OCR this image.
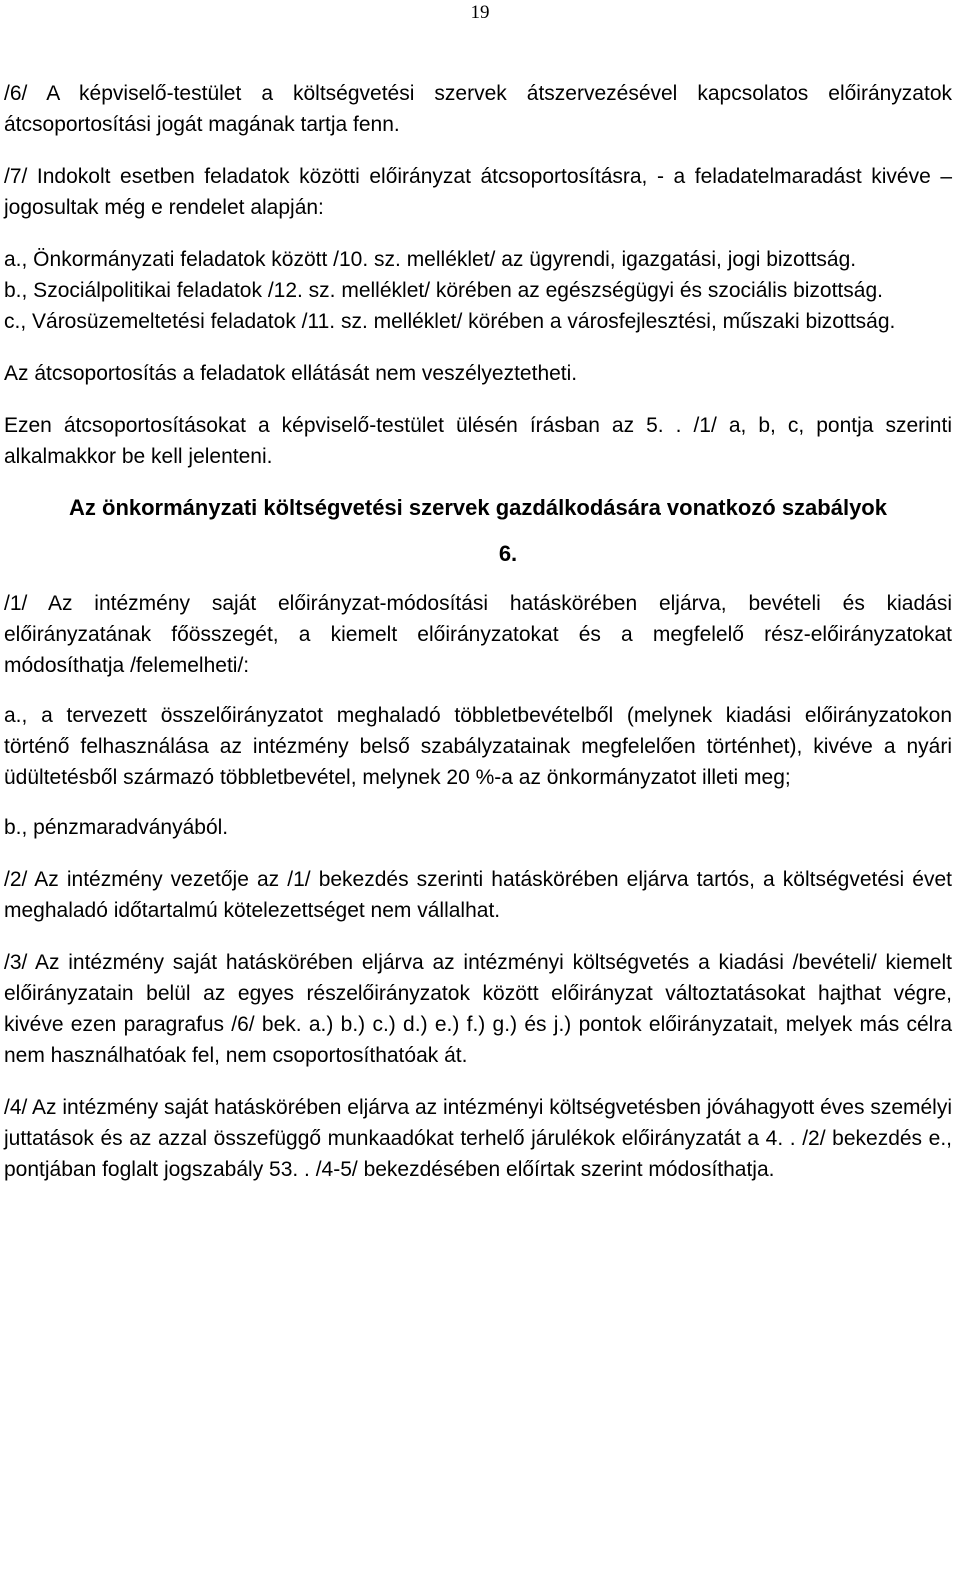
19

/6/ A képviselő-testület a költségvetési szervek átszervezésével kapcsolatos előirányzatok átcsoportosítási jogát magának tartja fenn.

/7/ Indokolt esetben feladatok közötti előirányzat átcsoportosításra, - a feladatelmaradást kivéve – jogosultak még e rendelet alapján:

a., Önkormányzati feladatok között /10. sz. melléklet/ az ügyrendi, igazgatási, jogi bizottság.

b., Szociálpolitikai feladatok /12. sz. melléklet/ körében az egészségügyi és szociális bizottság.

c., Városüzemeltetési feladatok /11. sz. melléklet/ körében a városfejlesztési, műszaki bizottság.

Az átcsoportosítás a feladatok ellátását nem veszélyeztetheti.

Ezen átcsoportosításokat a képviselő-testület ülésén írásban az 5. . /1/ a, b, c, pontja szerinti alkalmakkor be kell jelenteni.

Az önkormányzati költségvetési szervek gazdálkodására vonatkozó szabályok
6.

/1/ Az intézmény saját előirányzat-módosítási hatáskörében eljárva, bevételi és kiadási előirányzatának főösszegét, a kiemelt előirányzatokat és a megfelelő rész-előirányzatokat módosíthatja /felemelheti/:

a., a tervezett összelőirányzatot meghaladó többletbevételből (melynek kiadási előirányzatokon történő felhasználása az intézmény belső szabályzatainak megfelelően történhet), kivéve a nyári üdültetésből származó többletbevétel, melynek 20 %-a az önkormányzatot illeti meg;

b., pénzmaradványából.

/2/ Az intézmény vezetője az /1/ bekezdés szerinti hatáskörében eljárva tartós, a költségvetési évet meghaladó időtartalmú kötelezettséget nem vállalhat.

/3/ Az intézmény saját hatáskörében eljárva az intézményi költségvetés a kiadási /bevételi/ kiemelt előirányzatain belül az egyes részelőirányzatok között előirányzat változtatásokat hajthat végre, kivéve ezen paragrafus /6/ bek. a.) b.) c.) d.) e.) f.) g.) és j.) pontok előirányzatait, melyek más célra nem használhatóak fel, nem csoportosíthatóak át.

/4/ Az intézmény saját hatáskörében eljárva az intézményi költségvetésben jóváhagyott éves személyi juttatások és az azzal összefüggő munkaadókat terhelő járulékok előirányzatát a 4. . /2/ bekezdés e., pontjában foglalt jogszabály 53. . /4-5/ bekezdésében előírtak szerint módosíthatja.
